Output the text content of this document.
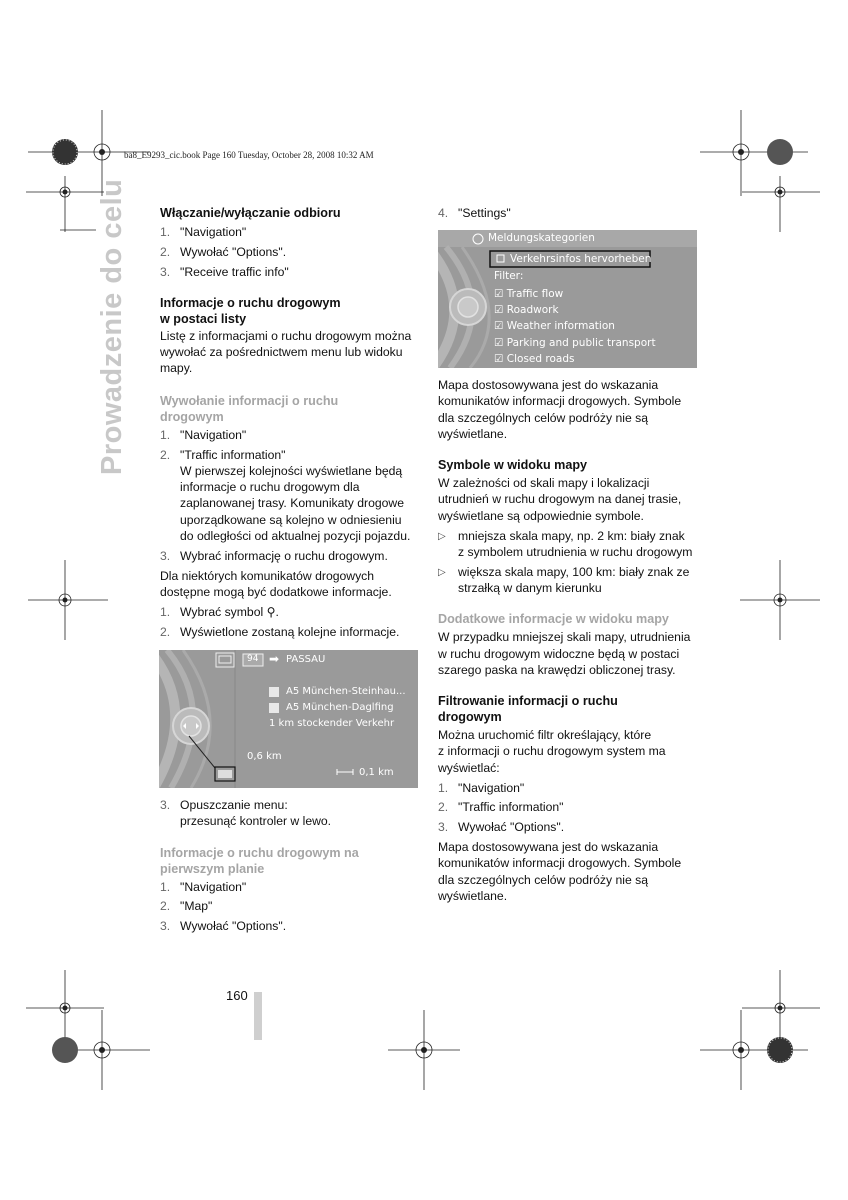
ba8_E9293_cic.book Page 160 Tuesday, October 28, 2008 10:32 AM
Prowadzenie do celu	Włączanie/wyłączanie odbioru

1. "Navigation"
2. Wywołać "Options".
3. "Receive traffic info"

Informacje o ruchu drogowym

w postaci listy

Listę z informacjami o ruchu drogowym można

wywołać za pośrednictwem menu lub widoku

mapy.

Wywołanie informacji o ruchu

drogowym

1. "Navigation"
2. "Traffic information"
W pierwszej kolejności wyświetlane będą
informacje o ruchu drogowym dla
zaplanowanej trasy. Komunikaty drogowe
uporządkowane są kolejno w odniesieniu
do odległości od aktualnej pozycji pojazdu.
3. Wybrać informację o ruchu drogowym.

Dla niektórych komunikatów drogowych

dostępne mogą być dodatkowe informacje.

1. Wybrać symbol ⚲.
2. Wyświetlone zostaną kolejne informacje.
94 ➡ PASSAU
A5 München-Steinhau...
A5 München-Daglfing
1 km stockender Verkehr
0,6 km
0,1 km
3. Opuszczanie menu:
przesunąć kontroler w lewo.

Informacje o ruchu drogowym na

pierwszym planie

1. "Navigation"
2. "Map"
3. Wywołać "Options".
4. "Settings"
Meldungskategorien
Verkehrsinfos hervorheben
Filter:
☑ Traffic flow
☑ Roadwork
☑ Weather information
☑ Parking and public transport
☑ Closed roads

Mapa dostosowywana jest do wskazania

komunikatów informacji drogowych. Symbole

dla szczególnych celów podróży nie są

wyświetlane.

Symbole w widoku mapy

W zależności od skali mapy i lokalizacji

utrudnień w ruchu drogowym na danej trasie,

wyświetlane są odpowiednie symbole.

▷	mniejsza skala mapy, np. 2 km: biały znak
z symbolem utrudnienia w ruchu drogowym
▷	większa skala mapy, 100 km: biały znak ze
strzałką w danym kierunku

Dodatkowe informacje w widoku mapy

W przypadku mniejszej skali mapy, utrudnienia

w ruchu drogowym widoczne będą w postaci

szarego paska na krawędzi obliczonej trasy.

Filtrowanie informacji o ruchu

drogowym

Można uruchomić filtr określający, które

z informacji o ruchu drogowym system ma

wyświetlać:

1. "Navigation"
2. "Traffic information"
3. Wywołać "Options".

Mapa dostosowywana jest do wskazania

komunikatów informacji drogowych. Symbole

dla szczególnych celów podróży nie są

wyświetlane.

160
